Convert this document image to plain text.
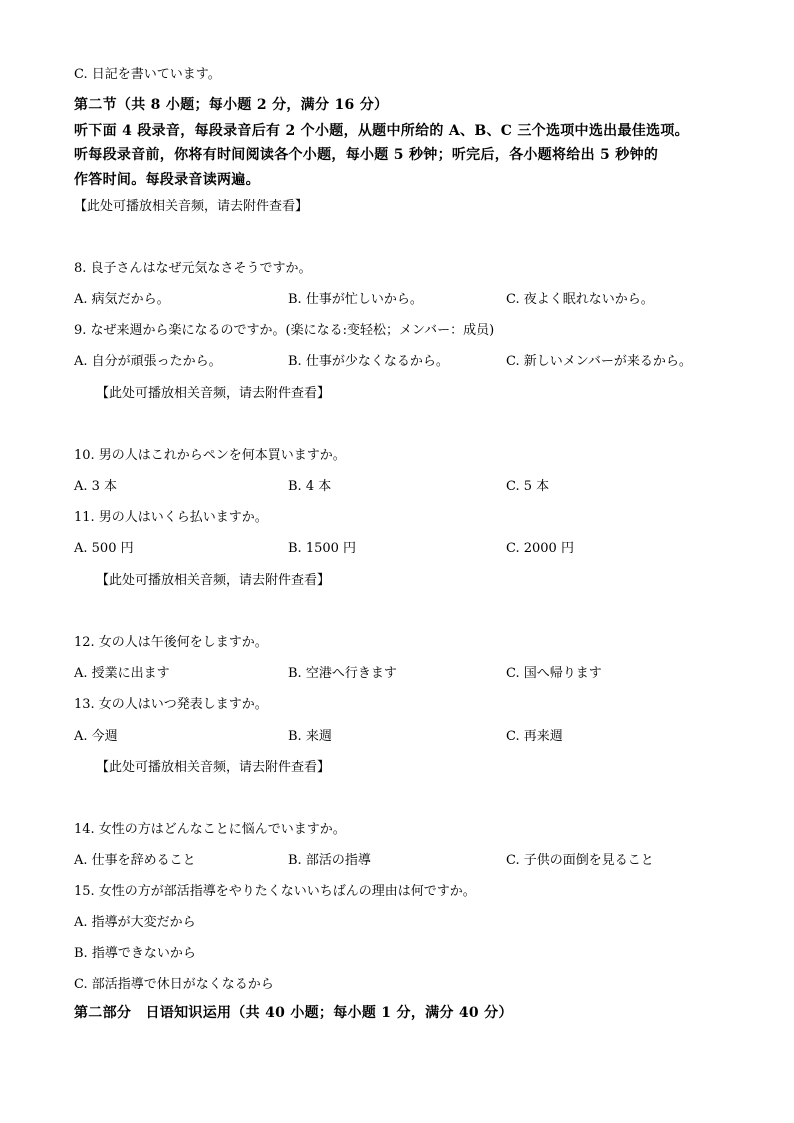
C. 日記を書いています。
第二节（共 8 小题；每小题 2 分，满分 16 分）
听下面 4 段录音，每段录音后有 2 个小题，从题中所给的 A、B、C 三个选项中选出最佳选项。
听每段录音前，你将有时间阅读各个小题，每小题 5 秒钟；听完后，各小题将给出 5 秒钟的
作答时间。每段录音读两遍。
【此处可播放相关音频，请去附件查看】
8. 良子さんはなぜ元気なさそうですか。
A. 病気だから。	B. 仕事が忙しいから。	C. 夜よく眠れないから。
9. なぜ来週から楽になるのですか。(楽になる:变轻松；メンバー：成员)
A. 自分が頑張ったから。	B. 仕事が少なくなるから。	C. 新しいメンバーが来るから。
【此处可播放相关音频，请去附件查看】
10. 男の人はこれからペンを何本買いますか。
A. 3 本	B. 4 本	C. 5 本
11. 男の人はいくら払いますか。
A. 500 円	B. 1500 円	C. 2000 円
【此处可播放相关音频，请去附件查看】
12. 女の人は午後何をしますか。
A. 授業に出ます	B. 空港へ行きます	C. 国へ帰ります
13. 女の人はいつ発表しますか。
A. 今週	B. 来週	C. 再来週
【此处可播放相关音频，请去附件查看】
14. 女性の方はどんなことに悩んでいますか。
A. 仕事を辞めること	B. 部活の指導	C. 子供の面倒を見ること
15. 女性の方が部活指導をやりたくないいちばんの理由は何ですか。
A. 指導が大変だから
B. 指導できないから
C. 部活指導で休日がなくなるから
第二部分　日语知识运用（共 40 小题；每小题 1 分，满分 40 分）
